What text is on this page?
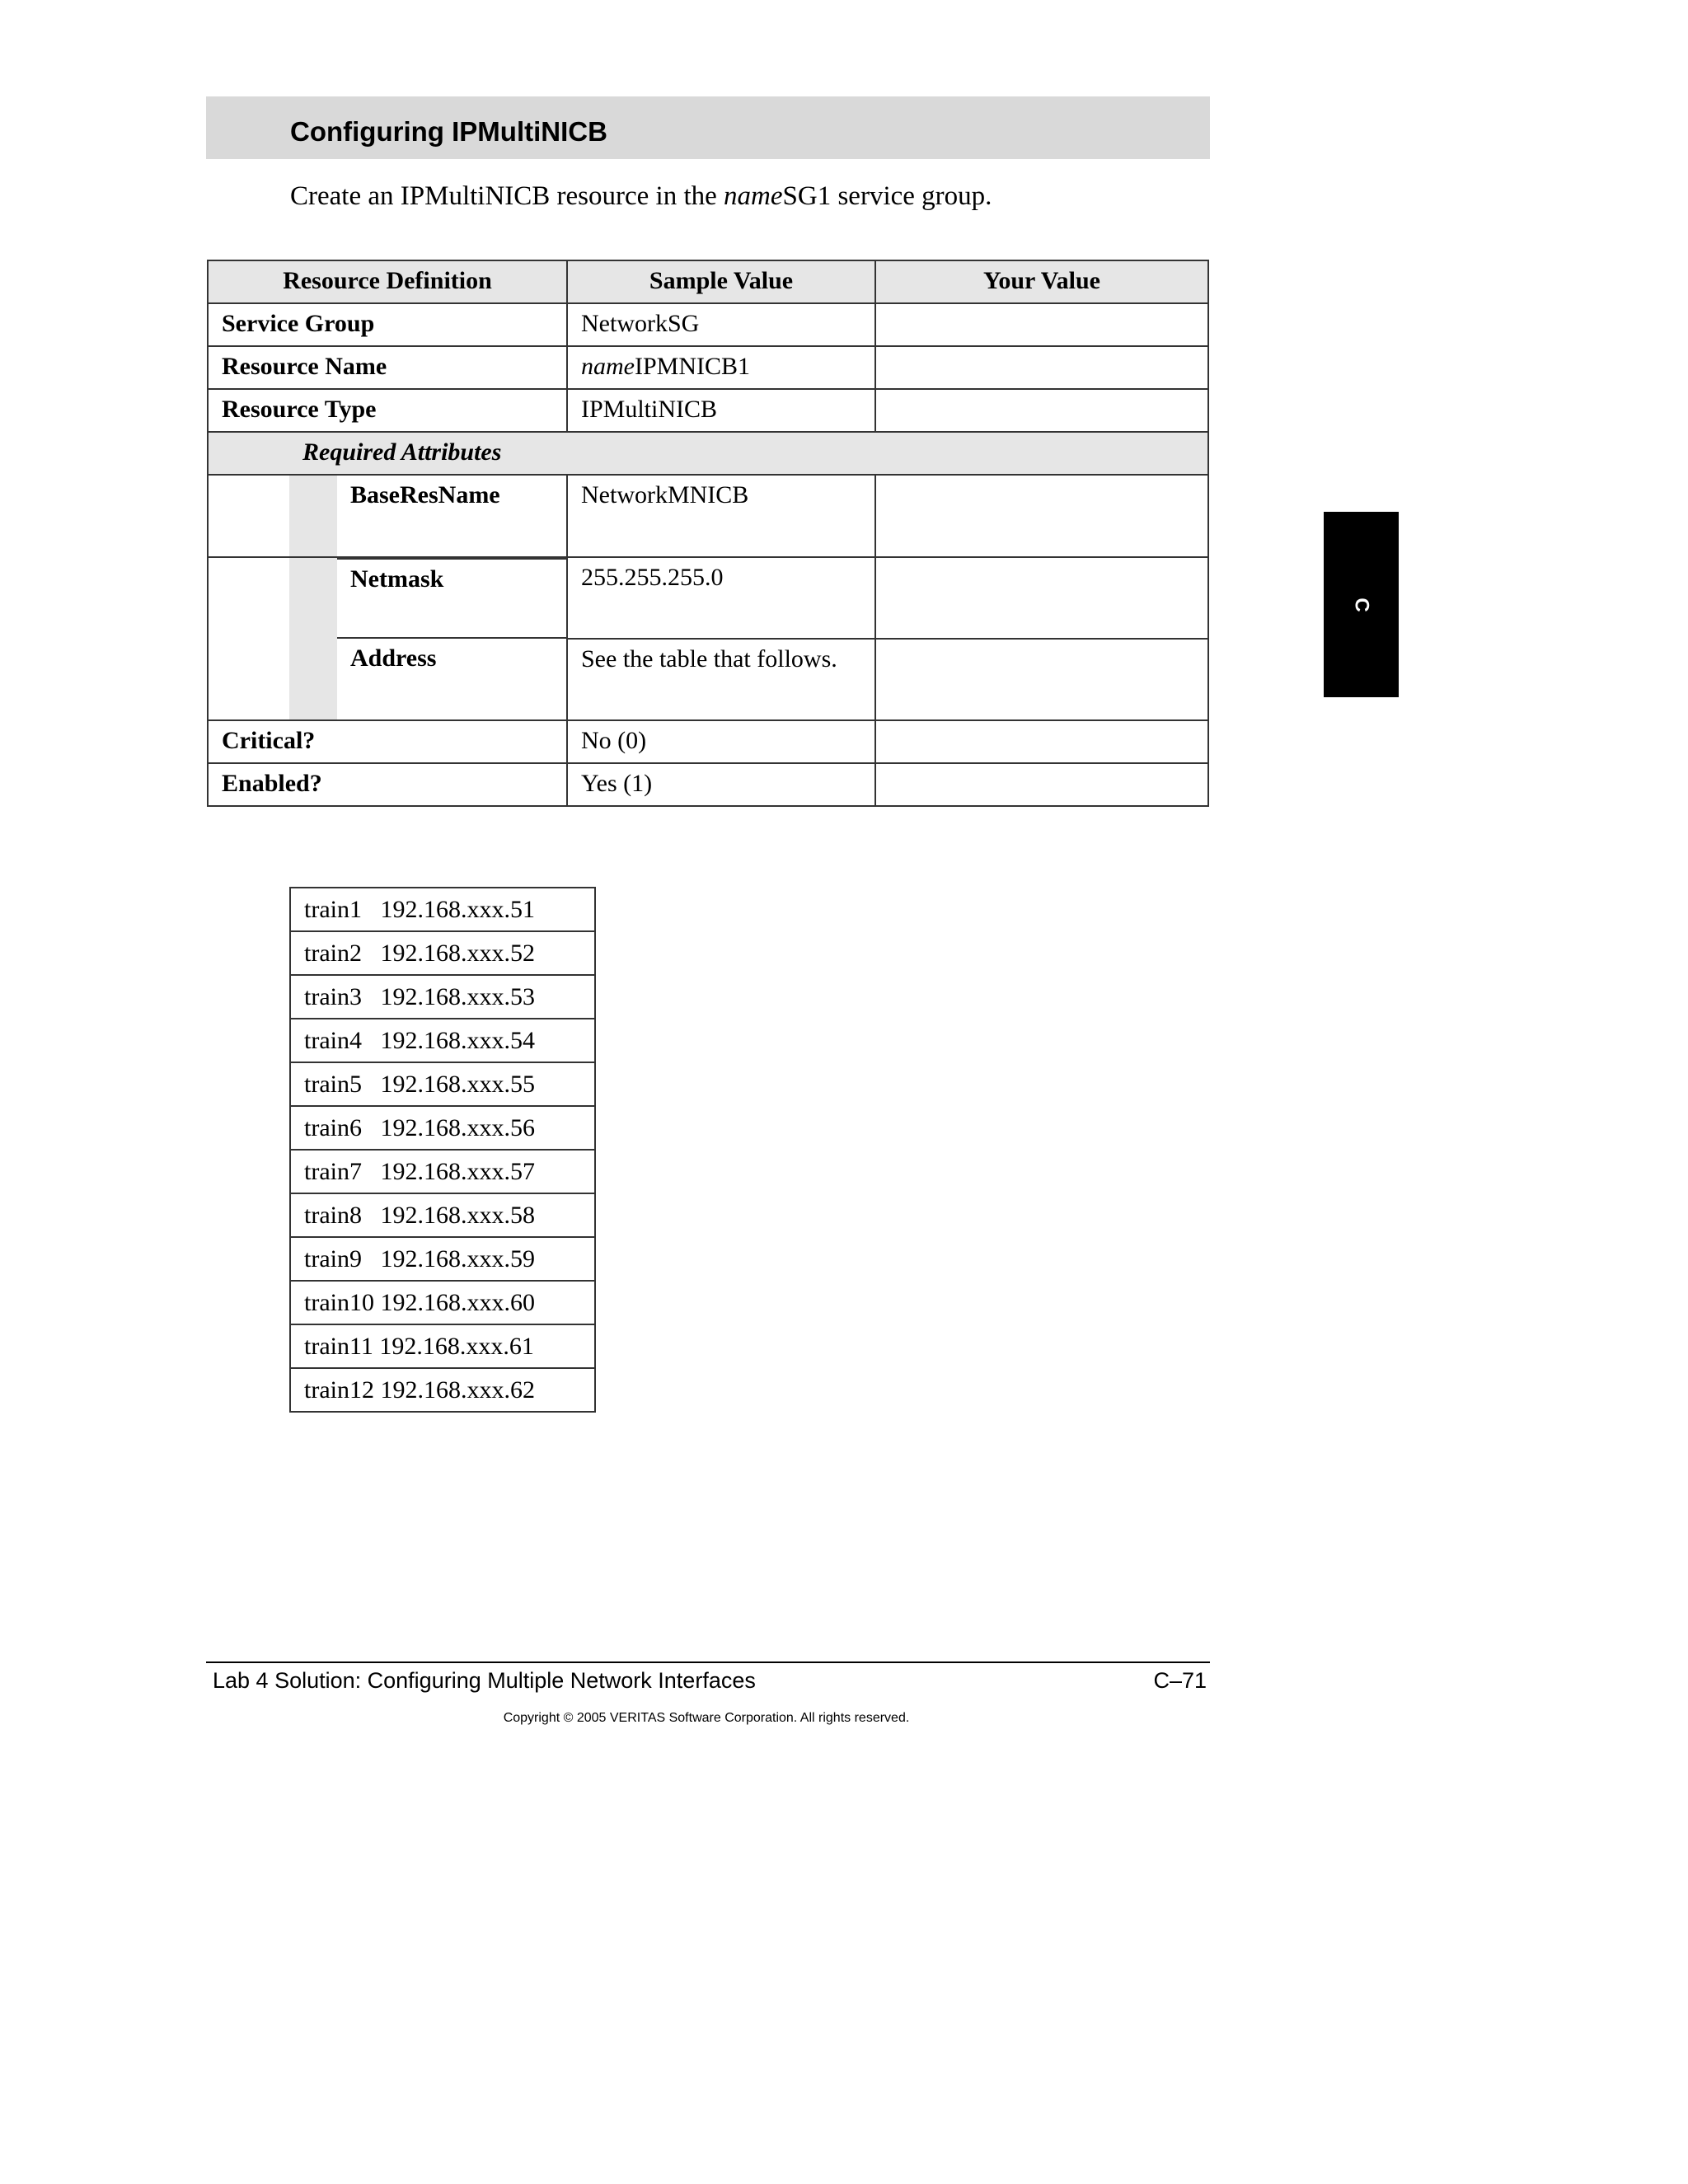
Configuring IPMultiNICB

Create an IPMultiNICB resource in the nameSG1 service group.

Resource Definition	Sample Value	Your Value
Service Group	NetworkSG	
Resource Name	nameIPMNICB1	
Resource Type	IPMultiNICB	
Required Attributes		

BaseResName	NetworkMNICB	

Netmask	255.255.255.0	

Address	See the table that follows.	
Critical?	No (0)	
Enabled?	Yes (1)	
train1   192.168.xxx.51
train2   192.168.xxx.52
train3   192.168.xxx.53
train4   192.168.xxx.54
train5   192.168.xxx.55
train6   192.168.xxx.56
train7   192.168.xxx.57
train8   192.168.xxx.58
train9   192.168.xxx.59
train10 192.168.xxx.60
train11 192.168.xxx.61
train12 192.168.xxx.62
C
Lab 4 Solution: Configuring Multiple Network Interfaces	C–71
Copyright © 2005 VERITAS Software Corporation. All rights reserved.
